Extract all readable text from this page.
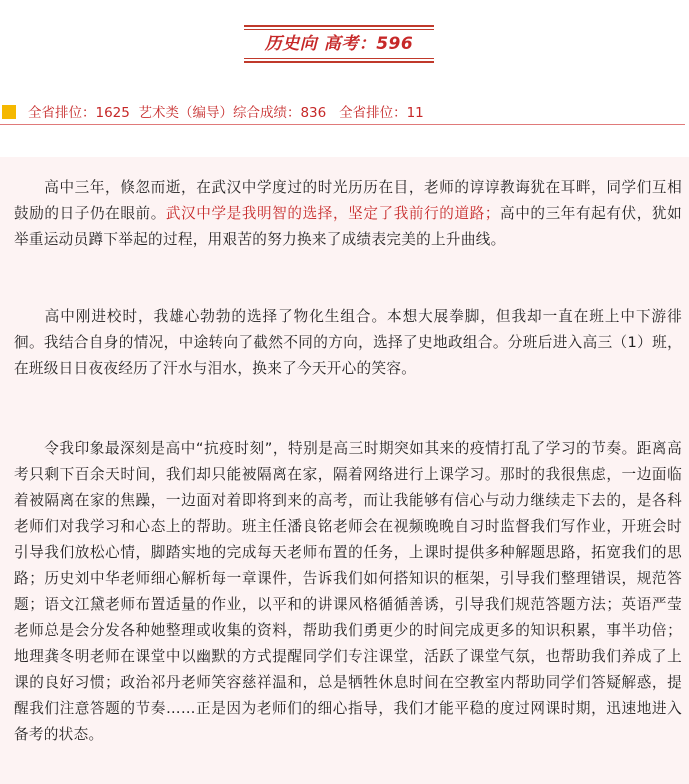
历史向 高考：596
全省排位：1625  艺术类（编导）综合成绩：836   全省排位：11
高中三年，倏忽而逝，在武汉中学度过的时光历历在目，老师的谆谆教诲犹在耳畔，同学们互相鼓励的日子仍在眼前。武汉中学是我明智的选择，坚定了我前行的道路；高中的三年有起有伏，犹如举重运动员蹲下举起的过程，用艰苦的努力换来了成绩表完美的上升曲线。
高中刚进校时，我雄心勃勃的选择了物化生组合。本想大展拳脚，但我却一直在班上中下游徘徊。我结合自身的情况，中途转向了截然不同的方向，选择了史地政组合。分班后进入高三（1）班，在班级日日夜夜经历了汗水与泪水，换来了今天开心的笑容。
令我印象最深刻是高中“抗疫时刻”，特别是高三时期突如其来的疫情打乱了学习的节奏。距离高考只剩下百余天时间，我们却只能被隔离在家，隔着网络进行上课学习。那时的我很焦虑，一边面临着被隔离在家的焦躁，一边面对着即将到来的高考，而让我能够有信心与动力继续走下去的，是各科老师们对我学习和心态上的帮助。班主任潘良铭老师会在视频晚晚自习时监督我们写作业，开班会时引导我们放松心情，脚踏实地的完成每天老师布置的任务，上课时提供多种解题思路，拓宽我们的思路；历史刘中华老师细心解析每一章课件，告诉我们如何搭知识的框架，引导我们整理错误，规范答题；语文江黛老师布置适量的作业，以平和的讲课风格循循善诱，引导我们规范答题方法；英语严莹老师总是会分发各种她整理或收集的资料，帮助我们勇更少的时间完成更多的知识积累，事半功倍；地理龚冬明老师在课堂中以幽默的方式提醒同学们专注课堂，活跃了课堂气氛，也帮助我们养成了上课的良好习惯；政治祁丹老师笑容慈祥温和，总是牺牲休息时间在空教室内帮助同学们答疑解惑，提醒我们注意答题的节奏……正是因为老师们的细心指导，我们才能平稳的度过网课时期，迅速地进入备考的状态。
